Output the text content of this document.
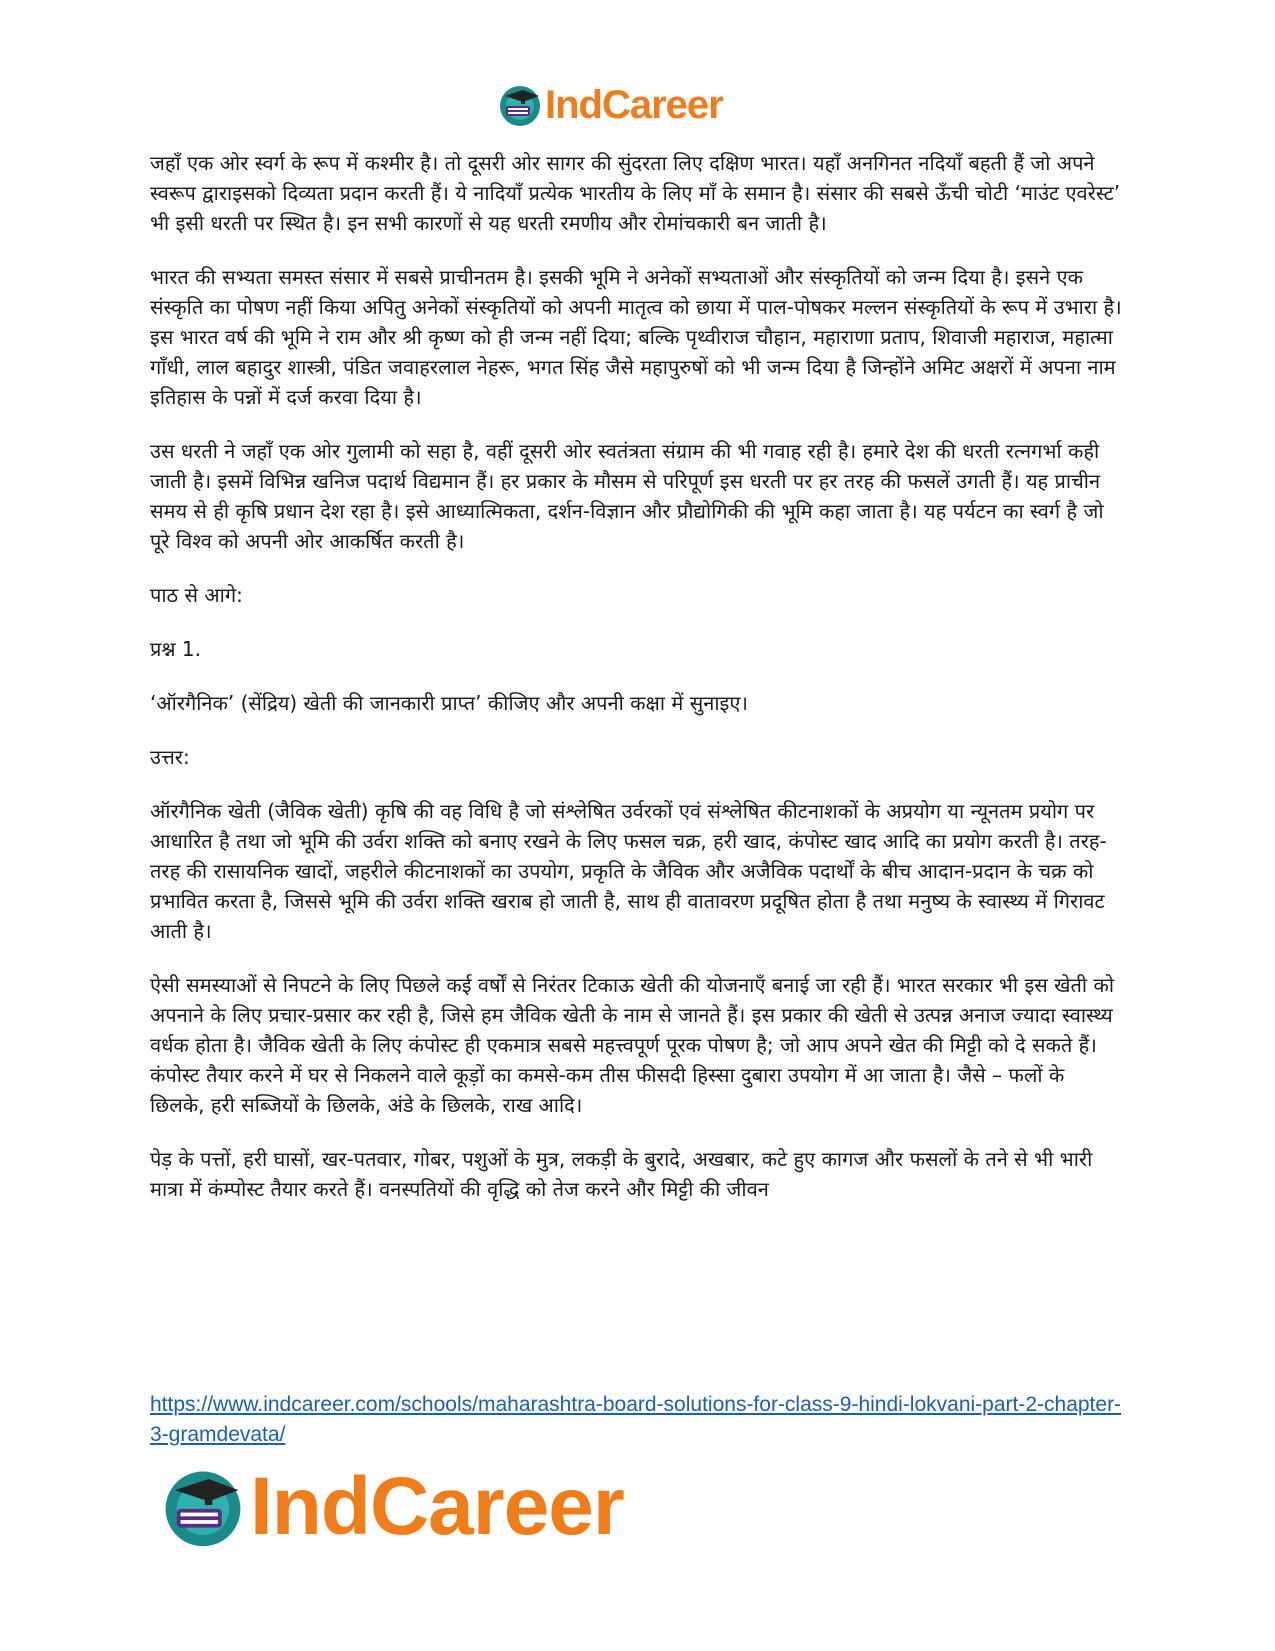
IndCareer

जहाँ एक ओर स्वर्ग के रूप में कश्मीर है। तो दूसरी ओर सागर की सुंदरता लिए दक्षिण भारत। यहाँ अनगिनत नदियाँ बहती हैं जो अपने स्वरूप द्वाराइसको दिव्यता प्रदान करती हैं। ये नादियाँ प्रत्येक भारतीय के लिए माँ के समान है। संसार की सबसे ऊँची चोटी ‘माउंट एवरेस्ट’ भी इसी धरती पर स्थित है। इन सभी कारणों से यह धरती रमणीय और रोमांचकारी बन जाती है।

भारत की सभ्यता समस्त संसार में सबसे प्राचीनतम है। इसकी भूमि ने अनेकों सभ्यताओं और संस्कृतियों को जन्म दिया है। इसने एक संस्कृति का पोषण नहीं किया अपितु अनेकों संस्कृतियों को अपनी मातृत्व को छाया में पाल-पोषकर मल्लन संस्कृतियों के रूप में उभारा है। इस भारत वर्ष की भूमि ने राम और श्री कृष्ण को ही जन्म नहीं दिया; बल्कि पृथ्वीराज चौहान, महाराणा प्रताप, शिवाजी महाराज, महात्मा गाँधी, लाल बहादुर शास्त्री, पंडित जवाहरलाल नेहरू, भगत सिंह जैसे महापुरुषों को भी जन्म दिया है जिन्होंने अमिट अक्षरों में अपना नाम इतिहास के पन्नों में दर्ज करवा दिया है।

उस धरती ने जहाँ एक ओर गुलामी को सहा है, वहीं दूसरी ओर स्वतंत्रता संग्राम की भी गवाह रही है। हमारे देश की धरती रत्नगर्भा कही जाती है। इसमें विभिन्न खनिज पदार्थ विद्यमान हैं। हर प्रकार के मौसम से परिपूर्ण इस धरती पर हर तरह की फसलें उगती हैं। यह प्राचीन समय से ही कृषि प्रधान देश रहा है। इसे आध्यात्मिकता, दर्शन-विज्ञान और प्रौद्योगिकी की भूमि कहा जाता है। यह पर्यटन का स्वर्ग है जो पूरे विश्व को अपनी ओर आकर्षित करती है।

पाठ से आगे:

प्रश्न 1.

‘ऑरगैनिक’ (सेंद्रिय) खेती की जानकारी प्राप्त’ कीजिए और अपनी कक्षा में सुनाइए।

उत्तर:

ऑरगैनिक खेती (जैविक खेती) कृषि की वह विधि है जो संश्लेषित उर्वरकों एवं संश्लेषित कीटनाशकों के अप्रयोग या न्यूनतम प्रयोग पर आधारित है तथा जो भूमि की उर्वरा शक्ति को बनाए रखने के लिए फसल चक्र, हरी खाद, कंपोस्ट खाद आदि का प्रयोग करती है। तरह-तरह की रासायनिक खादों, जहरीले कीटनाशकों का उपयोग, प्रकृति के जैविक और अजैविक पदार्थों के बीच आदान-प्रदान के चक्र को प्रभावित करता है, जिससे भूमि की उर्वरा शक्ति खराब हो जाती है, साथ ही वातावरण प्रदूषित होता है तथा मनुष्य के स्वास्थ्य में गिरावट आती है।

ऐसी समस्याओं से निपटने के लिए पिछले कई वर्षों से निरंतर टिकाऊ खेती की योजनाएँ बनाई जा रही हैं। भारत सरकार भी इस खेती को अपनाने के लिए प्रचार-प्रसार कर रही है, जिसे हम जैविक खेती के नाम से जानते हैं। इस प्रकार की खेती से उत्पन्न अनाज ज्यादा स्वास्थ्य वर्धक होता है। जैविक खेती के लिए कंपोस्ट ही एकमात्र सबसे महत्त्वपूर्ण पूरक पोषण है; जो आप अपने खेत की मिट्टी को दे सकते हैं। कंपोस्ट तैयार करने में घर से निकलने वाले कूड़ों का कमसे-कम तीस फीसदी हिस्सा दुबारा उपयोग में आ जाता है। जैसे – फलों के छिलके, हरी सब्जियों के छिलके, अंडे के छिलके, राख आदि।

पेड़ के पत्तों, हरी घासों, खर-पतवार, गोबर, पशुओं के मुत्र, लकड़ी के बुरादे, अखबार, कटे हुए कागज और फसलों के तने से भी भारी मात्रा में कंम्पोस्ट तैयार करते हैं। वनस्पतियों की वृद्धि को तेज करने और मिट्टी की जीवन

https://www.indcareer.com/schools/maharashtra-board-solutions-for-class-9-hindi-lokvani-part-2-chapter-3-gramdevata/
IndCareer
